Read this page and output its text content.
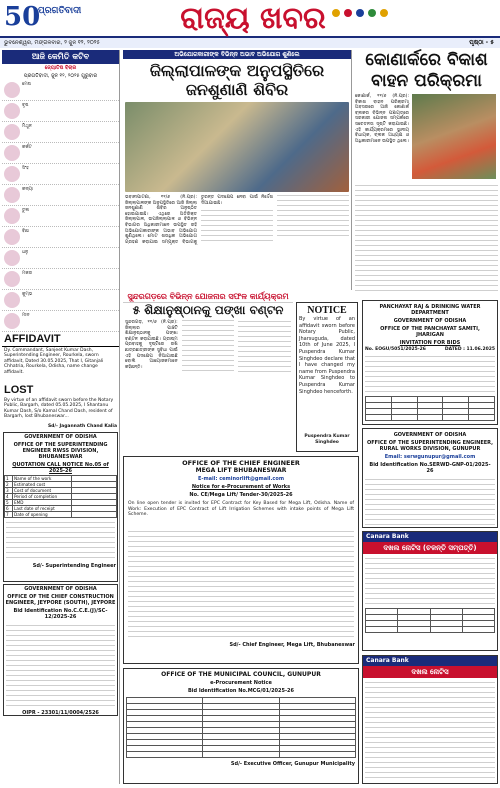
50
ପ୍ରଗତିବାଦୀ	ରାଜ୍ୟ ଖବର
ଭୁବନେଶ୍ୱର, ମଙ୍ଗଳବାର, ୨ ଜୁନ ୧୨, ୨୦୨୫	ପୃଷ୍ଠା - ୫
ଆଜି କେମିତି କଟିବ
ଜ୍ୟୋତିଷ ବିଚାର
ପ୍ରଗତିବାଦୀ, ଜୁନ ୧୨, ୨୦୨୫ ଗୁରୁବାର
ମେଷ
ବୃଷ
ମିଥୁନ
କର୍କଟ
ସିଂହ
କନ୍ୟା
ତୁଳା
ବିଛା
ଧନୁ
ମକର
କୁମ୍ଭ
ମୀନ
AFFIDAVIT
Dy. Commandant, Sanjeet Kumar Dash, Superintending Engineer, Rourkela, sworn affidavit, Dated 30.05.2025, That I, Gitanjali Chhatria, Rourkela, Odisha, name change affidavit.
LOST
By virtue of an affidavit sworn before the Notary Public, Bargarh, dated 05.05.2025, I Shantanu Kumar Dash, S/o Kamal Chand Dash, resident of Bargarh, lost Bhubaneswar...
Sd/- Jagannath Chand Kalia
GOVERNMENT OF ODISHA
OFFICE OF THE SUPERINTENDING ENGINEER RWSS DIVISION, BHUBANESWAR
QUOTATION CALL NOTICE No.05 of 2025-26
1	Name of the work	
2	Estimated cost	
3	Cost of document	
4	Period of completion	
5	EMD	
6	Last date of receipt	
7	Date of opening	
Sd/- Superintending Engineer
GOVERNMENT OF ODISHA
OFFICE OF THE CHIEF CONSTRUCTION ENGINEER, JEYPORE (SOUTH), JEYPORE
Bid Identification No.C.C.E.(J)/SC-12/2025-26
OIPR - 23301/11/0004/2526
ଅଭିଯୋଗକାରୀଙ୍କ ବିଭିନ୍ନ ଅଭାବ ଅଭିଯୋଗ ଶୁଣିଲେ
ଜିଲ୍ଲାପାଳଙ୍କ ଅନୁପସ୍ଥିତିରେ ଜନଶୁଣାଣି ଶିବିର
ଭବାନୀପାଟଣା, ୧୧/୬ (ନି.ପ୍ର): ଜିଲ୍ଲାପାଳଙ୍କ ଅନୁପସ୍ଥିତିରେ ଆଜି ଜିଲ୍ଲା ଜନଶୁଣାଣି ଶିବିର ଅନୁଷ୍ଠିତ ହୋଇଯାଇଛି। ଏଥିରେ ଅତିରିକ୍ତ ଜିଲ୍ଲାପାଳ, ଉପଜିଲ୍ଲାପାଳ ଓ ବିଭିନ୍ନ ବିଭାଗର ଅଧିକାରୀମାନେ ଉପସ୍ଥିତ ରହି ଅଭିଯୋଗକାରୀଙ୍କ ଅଭାବ ଅଭିଯୋଗ ଶୁଣିଥିଲେ। ମୋଟ ଶତାଧିକ ଅଭିଯୋଗ ଗ୍ରହଣ କରାଯାଇ ସମ୍ପୃକ୍ତ ବିଭାଗକୁ ତୁରନ୍ତ ପଦକ୍ଷେପ ନେବା ପାଇଁ ନିର୍ଦ୍ଦେଶ ଦିଆଯାଇଛି।
କୋଣାର୍କରେ ବିକାଶ ବାହନ ପରିକ୍ରମା
କୋଣାର୍କ, ୧୧/୬ (ନି.ପ୍ର): ବିକାଶ ବାହନ ପରିକ୍ରମା ଅବସରରେ ଆଜି କୋଣାର୍କ ବ୍ଲକର ବିଭିନ୍ନ ପଞ୍ଚାୟତରେ ସରକାରୀ ଯୋଜନା ସମ୍ପର୍କରେ ସଚେତନତା ସୃଷ୍ଟି କରାଯାଇଛି। ଏହି କାର୍ଯ୍ୟକ୍ରମରେ ସ୍ଥାନୀୟ ବିଧାୟକ, ବ୍ଲକ ଅଧ୍ୟକ୍ଷ ଓ ଅଧିକାରୀମାନେ ଉପସ୍ଥିତ ଥିଲେ।
ସୁନ୍ଦରଗଡ଼ରେ ବିଭିନ୍ନ ଯୋଜନାର ସଫଳ କାର୍ଯ୍ୟକ୍ରମ
୫ ଶିକ୍ଷାନୁଷ୍ଠାନକୁ ପଙ୍ଖା ବଣ୍ଟନ
ସୁନ୍ଦରଗଡ଼, ୧୧/୬ (ନି.ପ୍ର): ଜିଲ୍ଲାର ପାଞ୍ଚଟି ଶିକ୍ଷାନୁଷ୍ଠାନକୁ ପଙ୍ଖା ବଣ୍ଟନ କରାଯାଇଛି। ଗ୍ରୀଷ୍ମ ପ୍ରବାହକୁ ଦୃଷ୍ଟିରେ ରଖି ଛାତ୍ରଛାତ୍ରୀଙ୍କ ସୁବିଧା ପାଇଁ ଏହି ପଦକ୍ଷେପ ନିଆଯାଇଛି ବୋଲି ଆୟୋଜକମାନେ କହିଛନ୍ତି।
NOTICE
By virtue of an affidavit sworn before Notary Public, Jharsuguda, dated 10th of June 2025, I Puspendra Kumar Singhdeo declare that I have changed my name from Puspendra Kumar Singhdeo to Puspendra Kumar Singhdeo henceforth.
Puspendra Kumar Singhdeo
PANCHAYAT RAJ & DRINKING WATER DEPARTMENT
GOVERNMENT OF ODISHA
OFFICE OF THE PANCHAYAT SAMITI, JHARIGAN
INVITATION FOR BIDS
No. EOGU/5051/2025-26	DATED : 11.06.2025

GOVERNMENT OF ODISHA
OFFICE OF THE SUPERINTENDING ENGINEER, RURAL WORKS DIVISION, GUNUPUR
Email: serwgunupur@gmail.com
Bid Identification No.SERWD-GNP-01/2025-26
Canara Bank
ଦଖଲ ନୋଟିସ (ଚଳନ୍ତି ସମ୍ପତ୍ତି)

OFFICE OF THE CHIEF ENGINEER
MEGA LIFT BHUBANESWAR
E-mail: ceminorlift@gmail.com
Notice for e-Procurement of Works
No. CE/Mega Lift/ Tender-30/2025-26
On line open tender is invited for EPC Contract for Key Based for Mega Lift, Odisha. Name of Work: Execution of EPC Contract of Lift Irrigation Schemes with intake points of Mega Lift Scheme.
Sd/- Chief Engineer, Mega Lift, Bhubaneswar
OFFICE OF THE MUNICIPAL COUNCIL, GUNUPUR
e-Procurement Notice
Bid Identification No.MCG/01/2025-26

Sd/- Executive Officer, Gunupur Municipality
Canara Bank
ଦଖଲ ନୋଟିସ
